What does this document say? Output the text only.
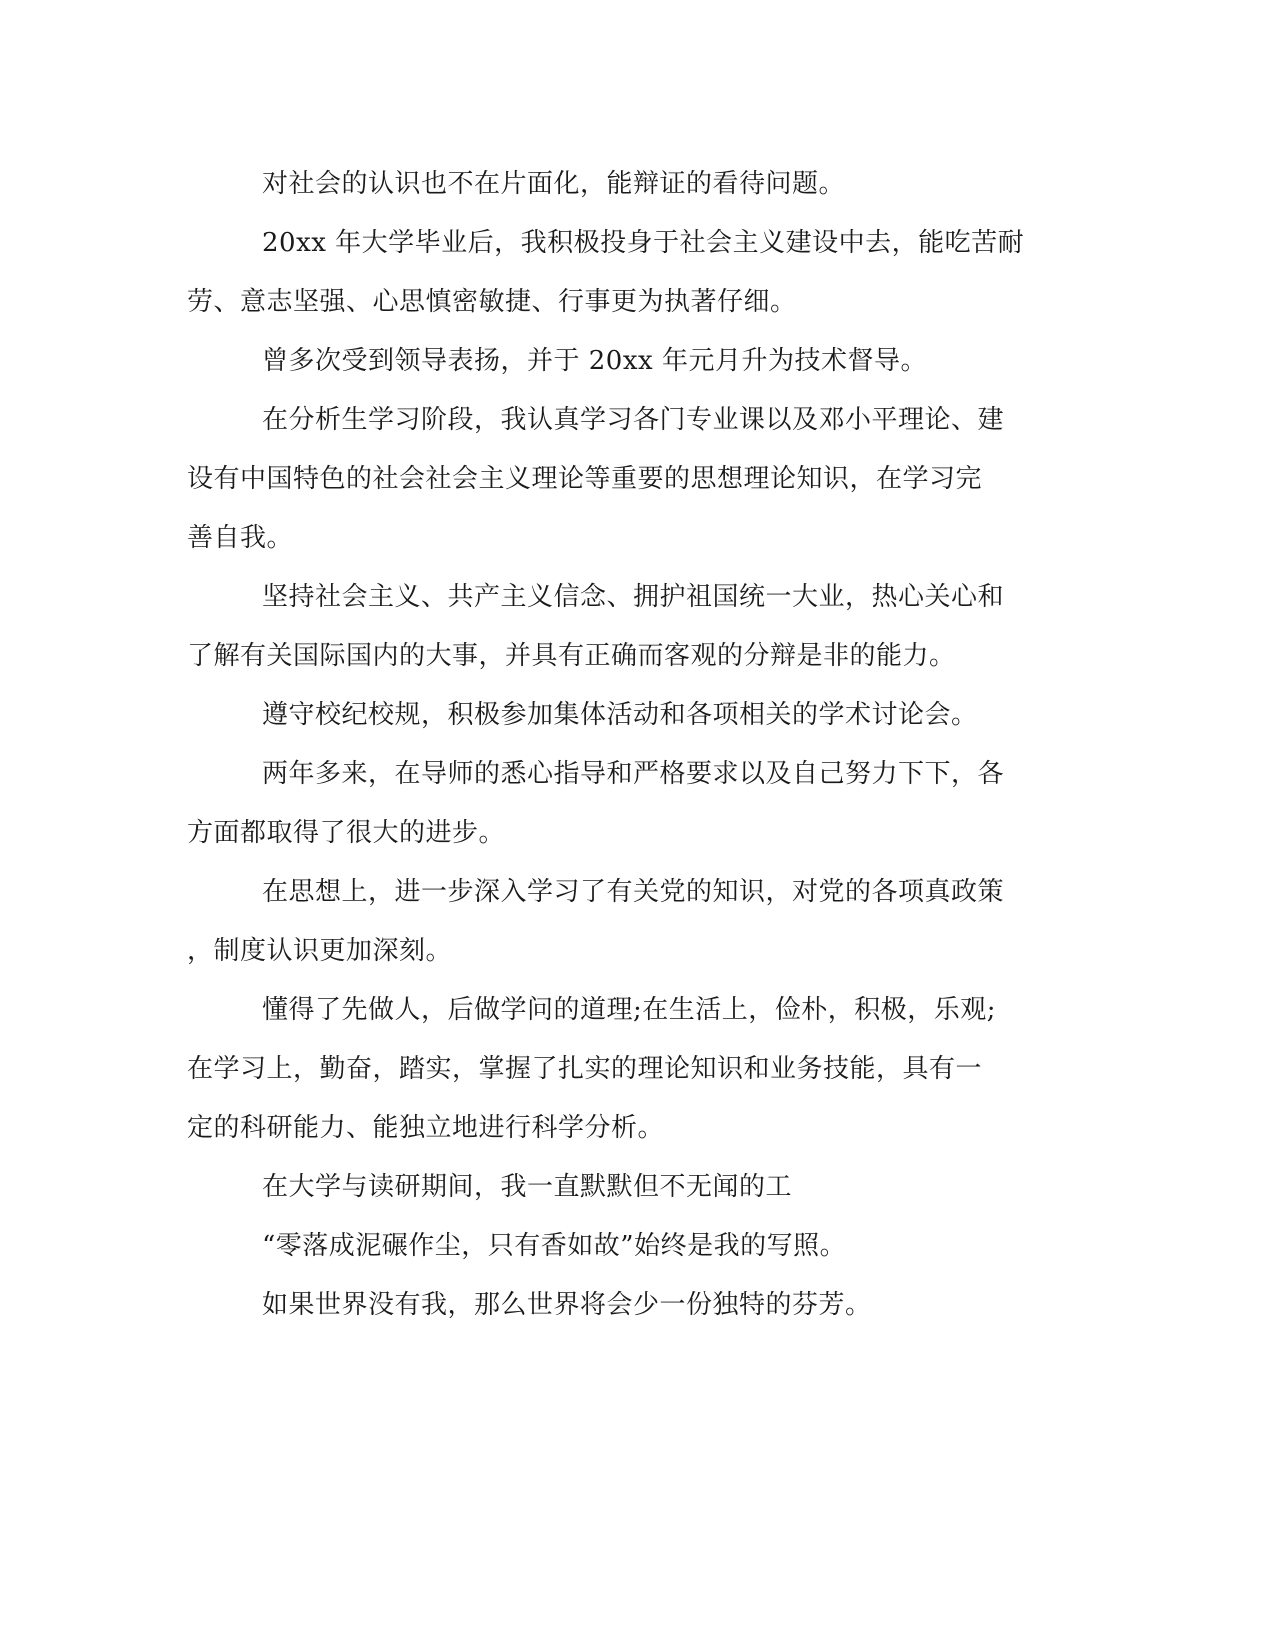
对社会的认识也不在片面化，能辩证的看待问题。
20xx 年大学毕业后，我积极投身于社会主义建设中去，能吃苦耐
劳、意志坚强、心思慎密敏捷、行事更为执著仔细。
曾多次受到领导表扬，并于 20xx 年元月升为技术督导。
在分析生学习阶段，我认真学习各门专业课以及邓小平理论、建
设有中国特色的社会社会主义理论等重要的思想理论知识，在学习完
善自我。
坚持社会主义、共产主义信念、拥护祖国统一大业，热心关心和
了解有关国际国内的大事，并具有正确而客观的分辩是非的能力。
遵守校纪校规，积极参加集体活动和各项相关的学术讨论会。
两年多来，在导师的悉心指导和严格要求以及自己努力下下，各
方面都取得了很大的进步。
在思想上，进一步深入学习了有关党的知识，对党的各项真政策
，制度认识更加深刻。
懂得了先做人，后做学问的道理;在生活上，俭朴，积极，乐观;
在学习上，勤奋，踏实，掌握了扎实的理论知识和业务技能，具有一
定的科研能力、能独立地进行科学分析。
在大学与读研期间，我一直默默但不无闻的工
“零落成泥碾作尘，只有香如故”始终是我的写照。
如果世界没有我，那么世界将会少一份独特的芬芳。
